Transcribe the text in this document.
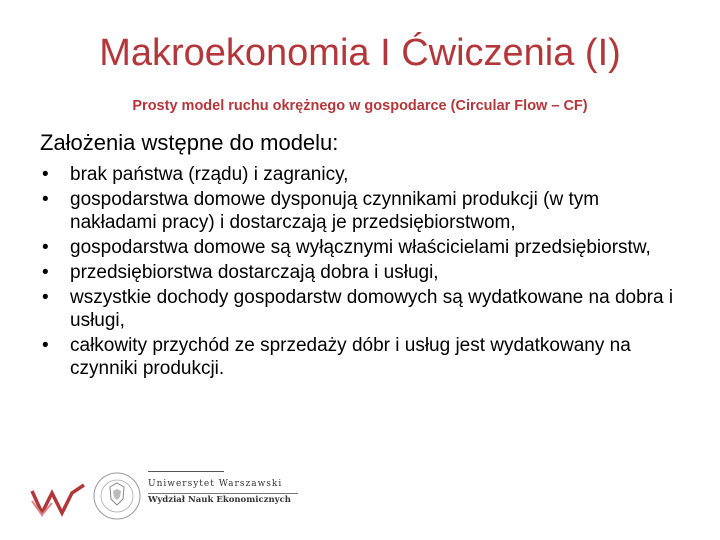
Makroekonomia I Ćwiczenia (I)
Prosty model ruchu okrężnego w gospodarce (Circular Flow – CF)
Założenia wstępne do modelu:
• brak państwa (rządu) i zagranicy,
• gospodarstwa domowe dysponują czynnikami produkcji (w tym nakładami pracy) i dostarczają je przedsiębiorstwom,
• gospodarstwa domowe są wyłącznymi właścicielami przedsiębiorstw,
• przedsiębiorstwa dostarczają dobra i usługi,
• wszystkie dochody gospodarstw domowych są wydatkowane na dobra i usługi,
• całkowity przychód ze sprzedaży dóbr i usług jest wydatkowany na czynniki produkcji.
Uniwersytet Warszawski
Wydział Nauk Ekonomicznych
